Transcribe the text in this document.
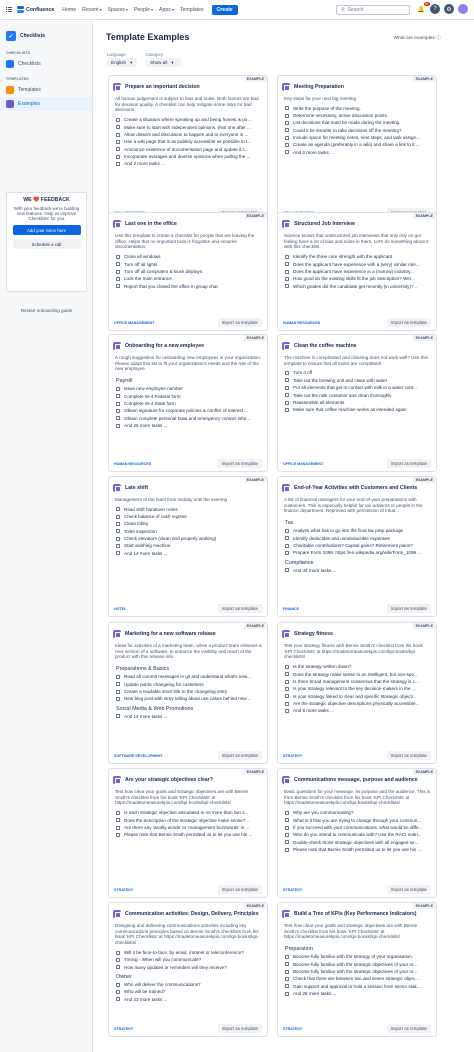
Confluence Home Recent ▾ Spaces ▾ People ▾ Apps ▾ Templates	Create	⚲ Search	🔔
9+
?	⚙
✓	Checklists
CHECKLISTS
Checklists
TEMPLATES
Templates
Examples
WE ❤️ FEEDBACK
With your feedback we're building new features. Help us improve 'Checklists' for you.
Add your voice here
Schedule a call
Restart onboarding guide
Template Examples	What are examples ⓘ
Language
English ▾
Category
Show all ▾
EXAMPLE
Prepare an important decision
All human judgement is subject to bias and noise. Both factors are bad for decision quality. A checklist can help mitigate some risks for bad decisions.
Create a situation where speaking up and being honest is po...
Make sure to start with independent opinions. (Not one after ...
Allow dissent and discussion to happen and to everyone in ...
Use a wiki page that is as publicly accessible as possible to t...
Announce existence of documentation page and update it r...
Incorporate averages and diverse opinions when pulling the ...
And 2 more tasks ...
EXAMPLE
Meeting Preparation
Key steps for your next big meeting
Write the purpose of the meeting.
Determine necessary, active discussion points.
List decisions that must be made during the meeting.
Could it be smarter to take decisions off the meeting?
Include space for meeting notes, next steps, and task assign...
Create an agenda (preferably in a wiki) and share a link to it ...
And 2 more tasks ...
EXAMPLE
Last one in the office
Use this template to create a checklist for people that are leaving the office. Helps that no important todo is forgotten and ensures documentation.
Close all windows
Turn off all lights
Turn off all computers & kiosk displays
Lock the main entrance
Report that you closed the office in group chat
OFFICE MANAGEMENT	Import as template
EXAMPLE
Structured Job Interview
Science knows that unstructured job interviews that only rely on gut feeling have a lot of bias and noise in them. Let's do something about it with this checklist.
Identify the three core strength with the applicant
Does the applicant have experience with a (very) similar role...
Does the applicant have experience in a (narrow) industry...
How good do the existing skills fit the job description? Wer...
Which grades did the candidate get recently (in university)?...
HUMAN RESOURCES	Import as template
EXAMPLE
Onboarding for a new employee
A rough suggestion for onboarding new employees in your organization. Please adapt this list to fit your organization's needs and the role of the new employee.
Payroll
Issue new employee number
Complete W-4 Federal form
Complete W-4 State form
Obtain signature for corporate policies & conflict of interest ...
Obtain complete personal Data and emergency contact infor...
And 25 more tasks ...
HUMAN RESOURCES	Import as template
EXAMPLE
Clean the coffee machine
The machine is complicated and cleaning does not work well? Use this template to ensure that all todos are completed!
Turn it off
Take out the brewing unit and clean with water
Put all elements that get in contact with milk in a water cont...
Take out the milk container and clean thoroughly
Reassemble all elements
Make sure that coffee machine works as intended again
OFFICE MANAGEMENT	Import as template
EXAMPLE
Late shift
Management of the hotel from midday until the evening
Read shift handover notes
Check balance of cash register
Clean lobby
Toilet inspection
Check elevators (clean and properly working)
Start washing machine
And 14 more tasks ...
HOTEL	Import as template
EXAMPLE
End-of-Year Activities with Customers and Clients
A list of financial managers for your end-of-year preparations with customers. This is especially helpful for tax advisors or people in the finance department. Reprinted with permission of Intuit...
Tax
Analyze what has to go into the final tax prep package
Identify deductible and nondeductible expenses
Charitable contributions? Capital gains? Retirement plans?
Prepare Form 1099: https://en.wikipedia.org/wiki/Form_1099 ...
Compliance
And 34 more tasks ...
FINANCE	Import as template
EXAMPLE
Marketing for a new software release
Ideas for activities of a marketing team, when a product team releases a new version of a software, to enhance the visibility and reach of the product with this release info.
Preparations & Basics
Read all commit messages in git and understand what's new...
Update public changelog for customers
Create a readable short link to the changelog entry
New blog post with story telling about use cases behind new...
Social Media & Web Promotions
And 14 more tasks ...
SOFTWARE DEVELOPMENT	Import as template
EXAMPLE
Strategy fitness
Test your strategy fitness with Bernie Smith's checklist from his book 'KPI Checklists' at https://madetomeasurekpis.com/kpi-books/kpi-checklists/
Is the strategy written down?
Does the strategy make sense to an intelligent, but non-spe...
Is there broad management consensus that the strategy is c...
Is your strategy relevant to the key decision-makers in the ...
Is your strategy linked to clear and specific strategic objecti...
Are the strategic objective descriptions physically accessible...
And 5 more tasks ...
STRATEGY	Import as template
EXAMPLE
Are your strategic objectives clear?
Test how clear your goals and strategic objectives are with Bernie Smith's checklist from his book 'KPI Checklists' at https://madetomeasurekpis.com/kpi-books/kpi-checklists/
Is each strategic objective articulated in no more than two s...
Does the description of the strategic objective make sense?...
Are there any 'woolly words' or 'management buzzwords' in ...
Please note that Bernie Smith permitted us to let you use his ...
STRATEGY	Import as template
EXAMPLE
Communications message, purpose and audience
Basic questions for your message, its purpose and the audience. This is from Bernie Smith's checklist from his book 'KPI Checklists' at https://madetomeasurekpis.com/kpi-books/kpi-checklists/
Why are you communicating?
What is it that you are trying to change through your commun...
If you succeed with your communications, what would be diffe...
Who do you intend to communicate with? Use the RACI matri...
Double-check those strategic objectives with all engaged se...
Please note that Bernie Smith permitted us to let you use his ...
STRATEGY	Import as template
EXAMPLE
Communication activities: Design, Delivery, Principles
Designing and delivering communications activities including key communications principles based on Bernie Smith's checklists from his book 'KPI Checklists' at https://madetomeasurekpis.com/kpi-books/kpi-checklists/
Will it be face-to-face, by email, intranet or teleconference?
Timing - When will you communicate?
How many updates or reminders will they receive?
Owner
Who will deliver the communications?
Who will be trained?
And 23 more tasks ...
STRATEGY	Import as template
EXAMPLE
Build a Tree of KPIs (Key Performance Indicators)
Test how clear your goals and strategic objectives are with Bernie Smith's checklist from his book 'KPI Checklists' at https://madetomeasurekpis.com/kpi-books/kpi-checklists/
Preparation
Become fully familiar with the strategy of your organisation.
Become fully familiar with the strategic objectives of your or...
Become fully familiar with the strategic objectives of your or...
Check that there are between two and seven strategic objec...
Gain support and approval to hold a session from senior stak...
And 28 more tasks ...
STRATEGY	Import as template
